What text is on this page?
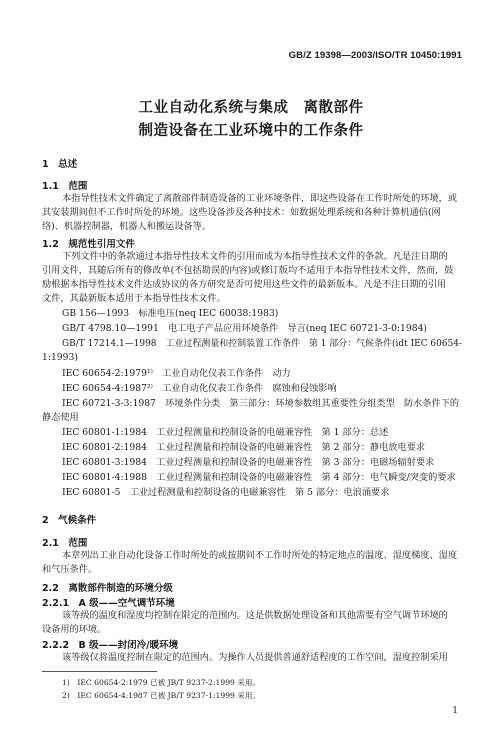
GB/Z 19398—2003/ISO/TR 10450:1991
工业自动化系统与集成　离散部件
制造设备在工业环境中的工作条件
1　总述
1.1　范围
本指导性技术文件确定了离散部件制造设备的工业环境条件，即这些设备在工作时所处的环境，或
其安装期间但不工作时所处的环境。这些设备涉及各种技术：如数据处理系统和各种计算机通信(网
络)、机器控制器，机器人和搬运设备等。
1.2　规范性引用文件
下列文件中的条款通过本指导性技术文件的引用而成为本指导性技术文件的条款。凡是注日期的
引用文件，其随后所有的修改单(不包括勘误的内容)或修订版均不适用于本指导性技术文件，然而，鼓
励根据本指导性技术文件达成协议的各方研究是否可使用这些文件的最新版本。凡是不注日期的引用
文件，其最新版本适用于本指导性技术文件。
GB 156—1993　标准电压(neq IEC 60038:1983)
GB/T 4798.10—1991　电工电子产品应用环境条件　导言(neq IEC 60721-3-0:1984)
GB/T 17214.1—1998　工业过程测量和控制装置工作条件　第 1 部分：气候条件(idt IEC 60654-
1:1993)
IEC 60654-2:1979¹⁾　工业自动化仪表工作条件　动力
IEC 60654-4:1987²⁾　工业自动化仪表工作条件　腐蚀和侵蚀影响
IEC 60721-3-3:1987　环境条件分类　第三部分：环境参数组其重要性分组类型　防水条件下的
静态使用
IEC 60801-1:1984　工业过程测量和控制设备的电磁兼容性　第 1 部分：总述
IEC 60801-2:1984　工业过程测量和控制设备的电磁兼容性　第 2 部分：静电放电要求
IEC 60801-3:1984　工业过程测量和控制设备的电磁兼容性　第 3 部分：电磁场辐射要求
IEC 60801-4:1988　工业过程测量和控制设备的电磁兼容性　第 4 部分：电气瞬变/突变的要求
IEC 60801-5　工业过程测量和控制设备的电磁兼容性　第 5 部分：电浪涌要求
2　气候条件
2.1　范围
本章列出工业自动化设备工作时所处的或按期间不工作时所处的特定地点的温度、湿度梯度、湿度
和气压条件。
2.2　离散部件制造的环境分级
2.2.1　A 级——空气调节环境
该等级的温度和湿度均控制在限定的范围内。这是供数据处理设备和其他需要有空气调节环境的
设备用的环境。
2.2.2　B 级——封闭冷/暖环境
该等级仅将温度控制在限定的范围内。为操作人员提供普通舒适程度的工作空间，湿度控制采用
1)　IEC 60654-2:1979 已被 JB/T 9237-2:1999 采用。
2)　IEC 60654-4:1987 已被 JB/T 9237-1:1999 采用。
1
